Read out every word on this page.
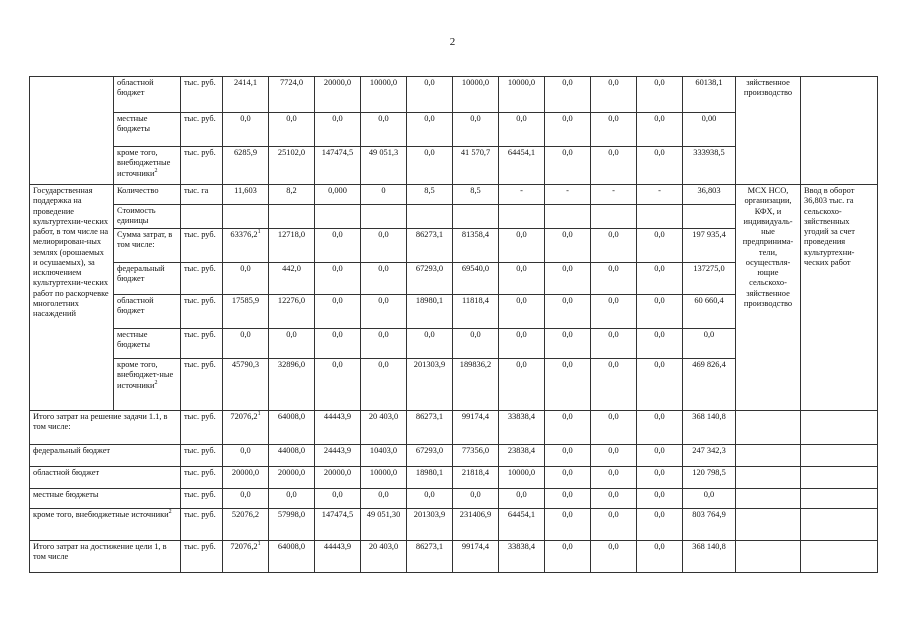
2
	областной бюджет	тыс. руб.	2414,1	7724,0	20000,0	10000,0	0,0	10000,0	10000,0	0,0	0,0	0,0	60138,1	зяйственное производство	
	местные бюджеты	тыс. руб.	0,0	0,0	0,0	0,0	0,0	0,0	0,0	0,0	0,0	0,0	0,00		
	кроме того, внебюджетные источники$^2$	тыс. руб.	6285,9	25102,0	147474,5	49 051,3	0,0	41 570,7	64454,1	0,0	0,0	0,0	333938,5		
Государственная поддержка на проведение культуртехни-ческих работ, в том числе на мелиорирован-ных землях (орошаемых и осушаемых), за исключением культуртехни-ческих работ по раскорчевке многолетних насаждений	Количество	тыс. га	11,603	8,2	0,000	0	8,5	8,5	-	-	-	-	36,803	МСХ НСО, организации, КФХ, и индивидуаль-ные предпринима-тели, осуществля-ющие сельскохо-зяйственное производство	Ввод в оборот 36,803 тыс. га сельскохо-зяйственных угодий за счет проведения культуртехни-ческих работ
	Стоимость единицы														
	Сумма затрат, в том числе:	тыс. руб.	63376,2$^1$	12718,0	0,0	0,0	86273,1	81358,4	0,0	0,0	0,0	0,0	197 935,4		
	федеральный бюджет	тыс. руб.	0,0	442,0	0,0	0,0	67293,0	69540,0	0,0	0,0	0,0	0,0	137275,0		
	областной бюджет	тыс. руб.	17585,9	12276,0	0,0	0,0	18980,1	11818,4	0,0	0,0	0,0	0,0	60 660,4		
	местные бюджеты	тыс. руб.	0,0	0,0	0,0	0,0	0,0	0,0	0,0	0,0	0,0	0,0	0,0		
	кроме того, внебюджет-ные источники$^2$	тыс. руб.	45790,3	32896,0	0,0	0,0	201303,9	189836,2	0,0	0,0	0,0	0,0	469 826,4		
Итого затрат на решение задачи 1.1, в том числе:		тыс. руб.	72076,2$^1$	64008,0	44443,9	20 403,0	86273,1	99174,4	33838,4	0,0	0,0	0,0	368 140,8		
федеральный бюджет		тыс. руб.	0,0	44008,0	24443,9	10403,0	67293,0	77356,0	23838,4	0,0	0,0	0,0	247 342,3		
областной бюджет		тыс. руб.	20000,0	20000,0	20000,0	10000,0	18980,1	21818,4	10000,0	0,0	0,0	0,0	120 798,5		
местные бюджеты		тыс. руб.	0,0	0,0	0,0	0,0	0,0	0,0	0,0	0,0	0,0	0,0	0,0		
кроме того, внебюджетные источники$^2$		тыс. руб.	52076,2	57998,0	147474,5	49 051,30	201303,9	231406,9	64454,1	0,0	0,0	0,0	803 764,9		
Итого затрат на достижение цели 1, в том числе		тыс. руб.	72076,2$^1$	64008,0	44443,9	20 403,0	86273,1	99174,4	33838,4	0,0	0,0	0,0	368 140,8		
